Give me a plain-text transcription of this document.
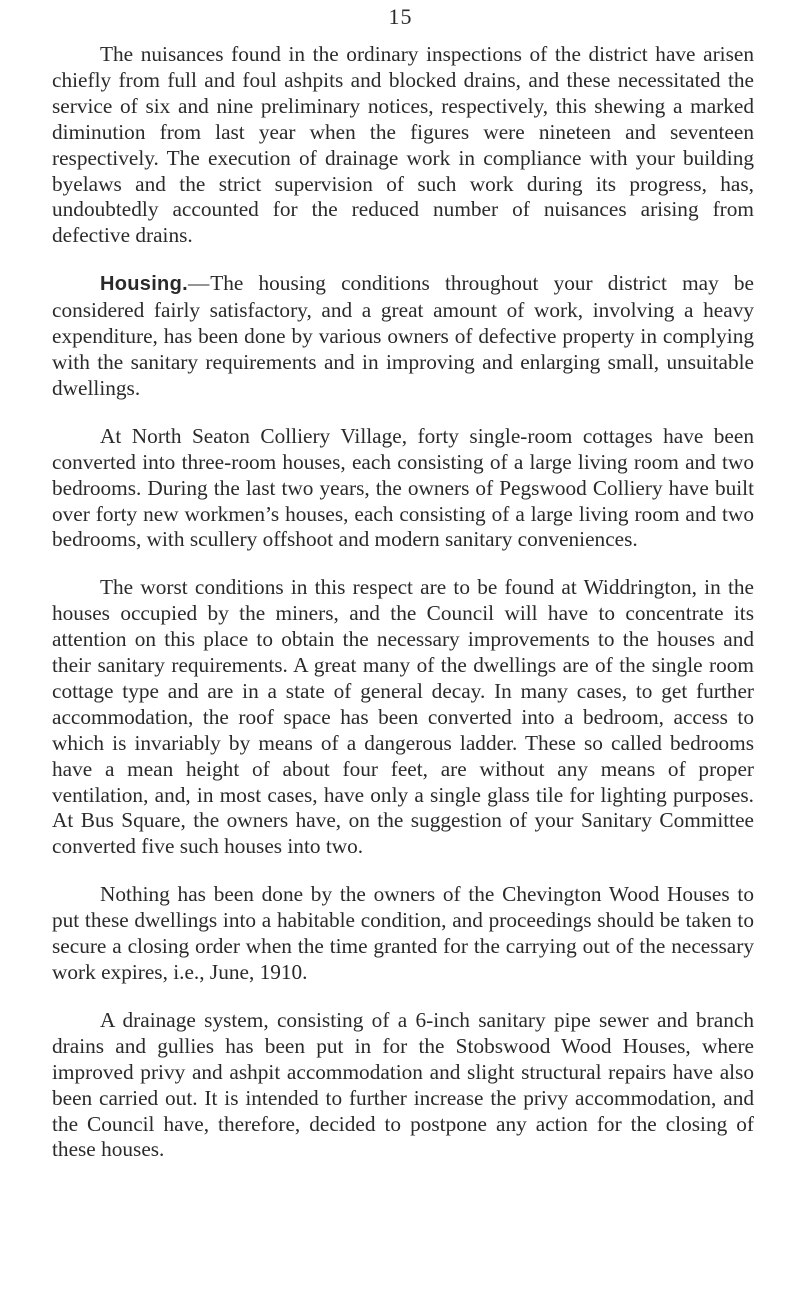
15

The nuisances found in the ordinary inspections of the district have arisen chiefly from full and foul ashpits and blocked drains, and these necessitated the service of six and nine preliminary notices, respectively, this shewing a marked diminution from last year when the figures were nineteen and seventeen respectively. The execution of drainage work in compliance with your building byelaws and the strict supervision of such work during its progress, has, undoubtedly accounted for the reduced number of nuisances arising from defective drains.

Housing.—The housing conditions throughout your district may be considered fairly satisfactory, and a great amount of work, involving a heavy expenditure, has been done by various owners of defective property in complying with the sanitary requirements and in improving and enlarging small, unsuitable dwellings.

At North Seaton Colliery Village, forty single-room cottages have been converted into three-room houses, each consisting of a large living room and two bedrooms. During the last two years, the owners of Pegswood Colliery have built over forty new workmen’s houses, each consisting of a large living room and two bedrooms, with scullery offshoot and modern sanitary conveniences.

The worst conditions in this respect are to be found at Widdrington, in the houses occupied by the miners, and the Council will have to concentrate its attention on this place to obtain the necessary improvements to the houses and their sanitary requirements. A great many of the dwellings are of the single room cottage type and are in a state of general decay. In many cases, to get further accommodation, the roof space has been converted into a bedroom, access to which is invariably by means of a dangerous ladder. These so called bedrooms have a mean height of about four feet, are without any means of proper ventilation, and, in most cases, have only a single glass tile for lighting purposes. At Bus Square, the owners have, on the suggestion of your Sanitary Committee converted five such houses into two.

Nothing has been done by the owners of the Chevington Wood Houses to put these dwellings into a habitable condition, and proceedings should be taken to secure a closing order when the time granted for the carrying out of the necessary work expires, i.e., June, 1910.

A drainage system, consisting of a 6-inch sanitary pipe sewer and branch drains and gullies has been put in for the Stobswood Wood Houses, where improved privy and ashpit accommodation and slight structural repairs have also been carried out. It is intended to further increase the privy accommodation, and the Council have, therefore, decided to postpone any action for the closing of these houses.
